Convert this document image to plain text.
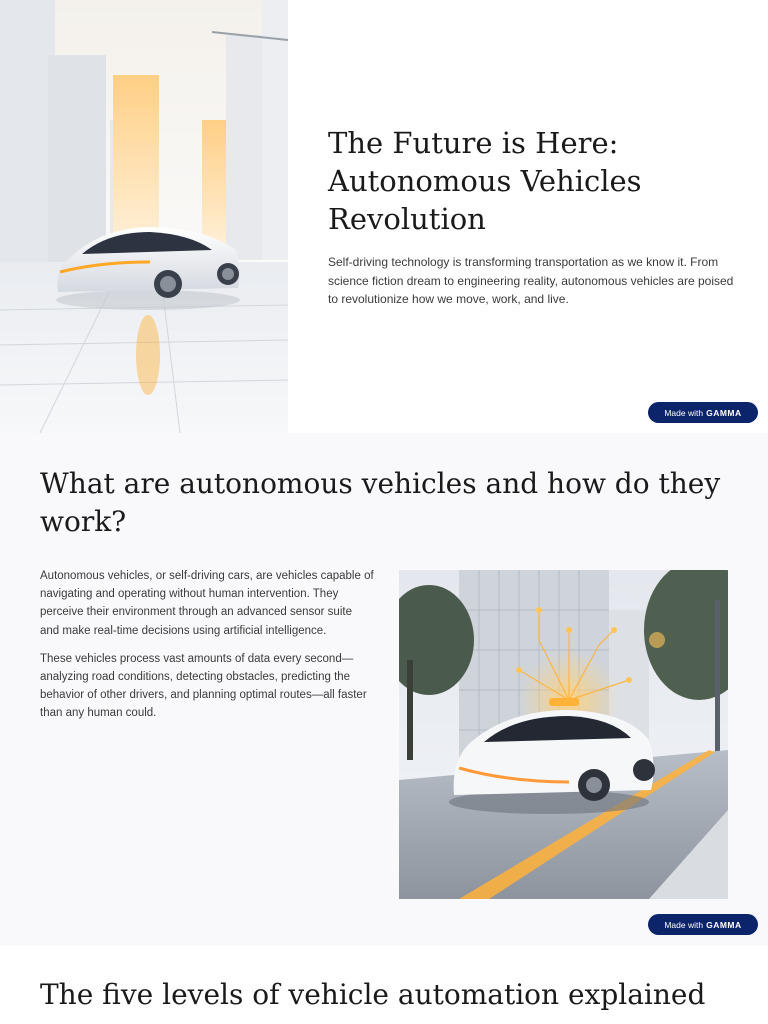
The Future is Here:
Autonomous Vehicles
Revolution

Self-driving technology is transforming transportation as we know it. From science fiction dream to engineering reality, autonomous vehicles are poised to revolutionize how we move, work, and live.

Made with GAMMA
What are autonomous vehicles and how do they work?

Autonomous vehicles, or self-driving cars, are vehicles capable of navigating and operating without human intervention. They perceive their environment through an advanced sensor suite and make real-time decisions using artificial intelligence.

These vehicles process vast amounts of data every second—analyzing road conditions, detecting obstacles, predicting the behavior of other drivers, and planning optimal routes—all faster than any human could.

Made with GAMMA
The five levels of vehicle automation explained
